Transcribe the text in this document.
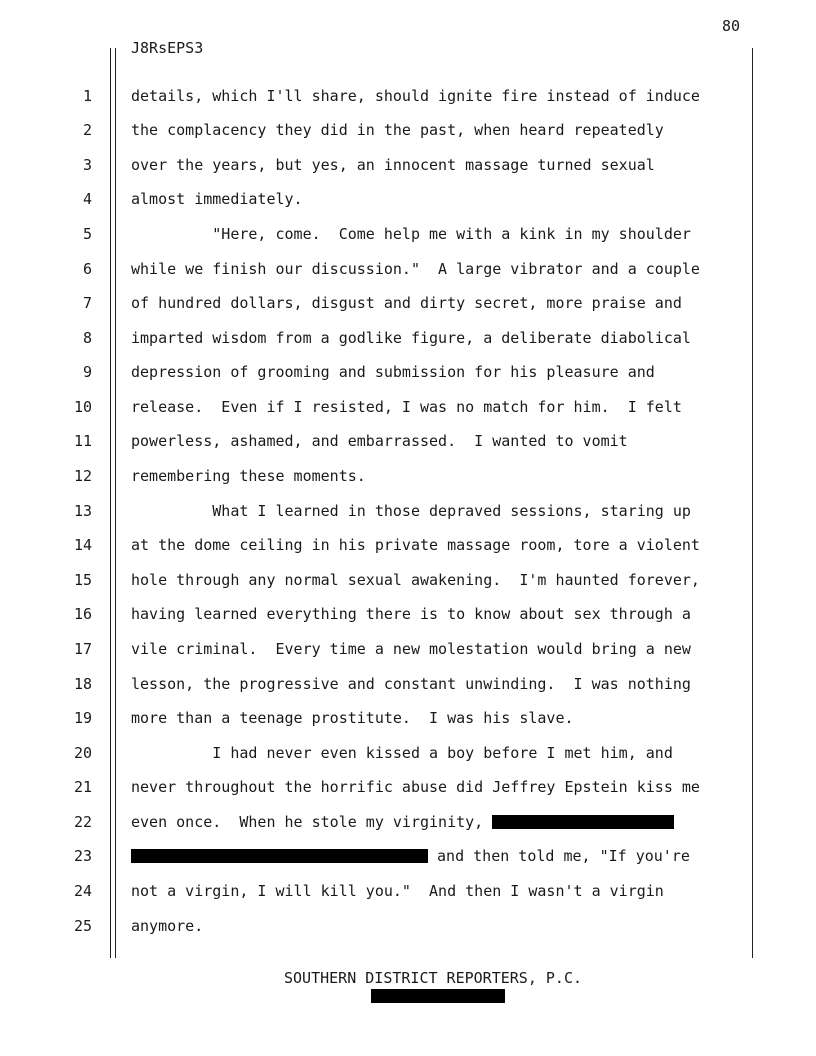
80
J8RsEPS3
1	details, which I'll share, should ignite fire instead of induce
2	the complacency they did in the past, when heard repeatedly
3	over the years, but yes, an innocent massage turned sexual
4	almost immediately.
5	"Here, come.  Come help me with a kink in my shoulder
6	while we finish our discussion."  A large vibrator and a couple
7	of hundred dollars, disgust and dirty secret, more praise and
8	imparted wisdom from a godlike figure, a deliberate diabolical
9	depression of grooming and submission for his pleasure and
10	release.  Even if I resisted, I was no match for him.  I felt
11	powerless, ashamed, and embarrassed.  I wanted to vomit
12	remembering these moments.
13	What I learned in those depraved sessions, staring up
14	at the dome ceiling in his private massage room, tore a violent
15	hole through any normal sexual awakening.  I'm haunted forever,
16	having learned everything there is to know about sex through a
17	vile criminal.  Every time a new molestation would bring a new
18	lesson, the progressive and constant unwinding.  I was nothing
19	more than a teenage prostitute.  I was his slave.
20	I had never even kissed a boy before I met him, and
21	never throughout the horrific abuse did Jeffrey Epstein kiss me
22	even once.  When he stole my virginity,
23	and then told me, "If you're
24	not a virgin, I will kill you."  And then I wasn't a virgin
25	anymore.
SOUTHERN DISTRICT REPORTERS, P.C.
